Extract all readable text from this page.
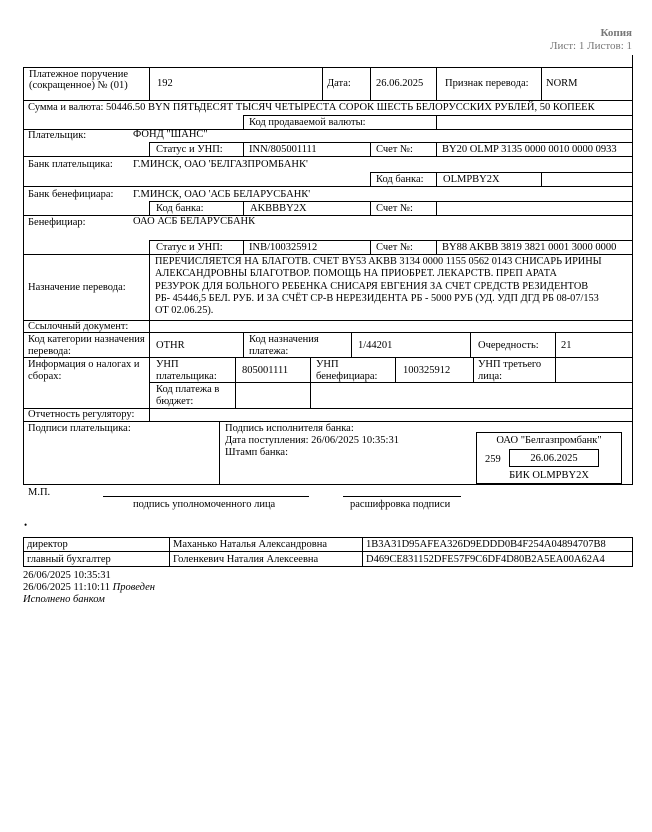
Копия
Лист: 1 Листов: 1
Платежное поручение (сокращенное) № (01)	192	Дата: 26.06.2025 Признак перевода: NORM
Сумма и валюта: 50446.50 BYN ПЯТЬДЕСЯТ ТЫСЯЧ ЧЕТЫРЕСТА СОРОК ШЕСТЬ БЕЛОРУССКИХ РУБЛЕЙ, 50 КОПЕЕК
Код продаваемой валюты:
Плательщик:	ФОНД "ШАНС"
Статус и УНП:	INN/805001111	Счет №:	BY20 OLMP 3135 0000 0010 0000 0933
Банк плательщика: Г.МИНСК, ОАО 'БЕЛГАЗПРОМБАНК'
Код банка: OLMPBY2X
Банк бенефициара: Г.МИНСК, ОАО 'АСБ БЕЛАРУСБАНК'
Код банка:	AKBBBY2X	Счет №:
Бенефициар:	ОАО АСБ БЕЛАРУСБАНК
Статус и УНП:	INB/100325912	Счет №:	BY88 AKBB 3819 3821 0001 3000 0000
Назначение перевода:
ПЕРЕЧИСЛЯЕТСЯ НА БЛАГОТВ. СЧЕТ BY53 AKBB 3134 0000 1155 0562 0143 СНИСАРЬ ИРИНЫ
АЛЕКСАНДРОВНЫ БЛАГОТВОР. ПОМОЩЬ НА ПРИОБРЕТ. ЛЕКАРСТВ. ПРЕП АРАТА
РЕЗУРОК ДЛЯ БОЛЬНОГО РЕБЕНКА СНИСАРЯ ЕВГЕНИЯ ЗА СЧЕТ СРЕДСТВ РЕЗИДЕНТОВ
РБ- 45446,5 БЕЛ. РУБ. И ЗА СЧЁТ СР-В НЕРЕЗИДЕНТА РБ - 5000 РУБ (УД. УДП ДГД РБ 08-07/153
ОТ 02.06.25).
Ссылочный документ:
Код категории назначения перевода:	OTHR
Код назначения платежа:	1/44201	Очередность: 21
Информация о налогах и сборах:
УНП плательщика:	805001111
УНП бенефициара:	100325912
УНП третьего лица:
Код платежа в бюджет:
Отчетность регулятору:
Подписи плательщика:	Подпись исполнителя банка:
Дата поступления: 26/06/2025 10:35:31
Штамп банка:
ОАО "Белгазпромбанк"
259	26.06.2025
БИК OLMPBY2X
М.П.
подпись уполномоченного лица	расшифровка подписи
•
директор	Маханько Наталья Александровна	1B3A31D95AFEA326D9EDDD0B4F254A04894707B8
главный бухгалтер	Голенкевич Наталия Алексеевна	D469CE831152DFE57F9C6DF4D80B2A5EA00A62A4
26/06/2025 10:35:31
26/06/2025 11:10:11 Проведен
Исполнено банком
